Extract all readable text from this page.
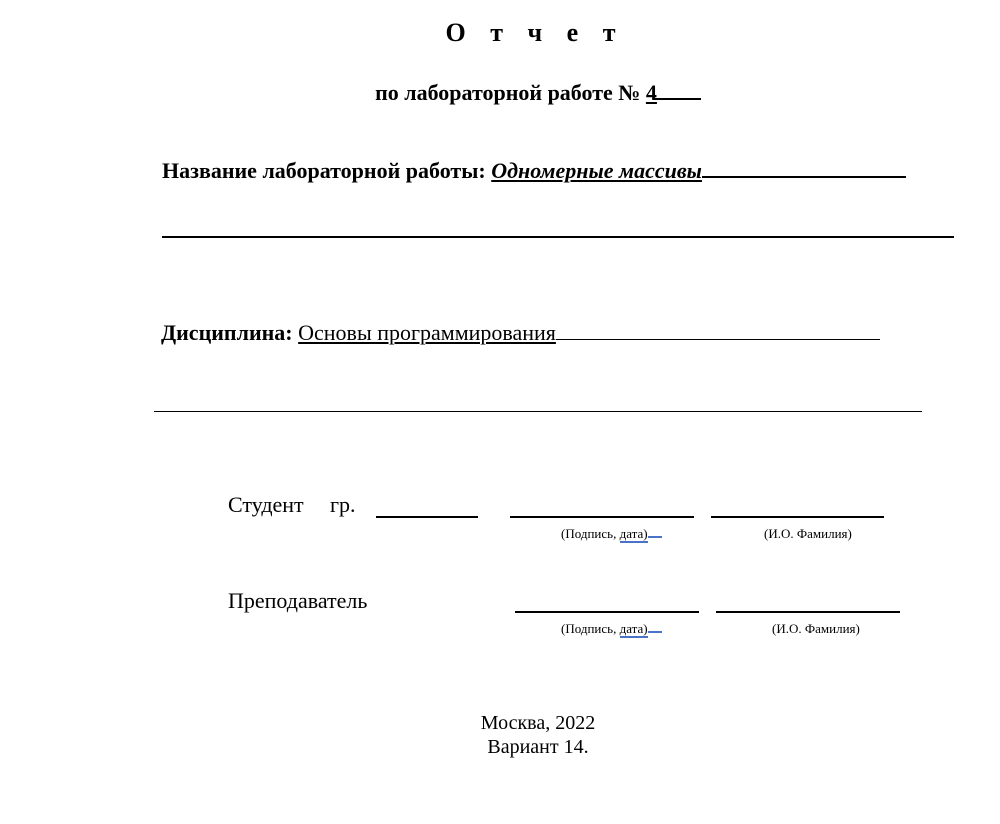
О т ч е т
по лабораторной работе № 4
Название лабораторной работы: Одномерные массивы
Дисциплина: Основы программирования
Студент гр.
(Подпись, дата)	(И.О. Фамилия)
Преподаватель
(Подпись, дата)	(И.О. Фамилия)
Москва, 2022
Вариант 14.
